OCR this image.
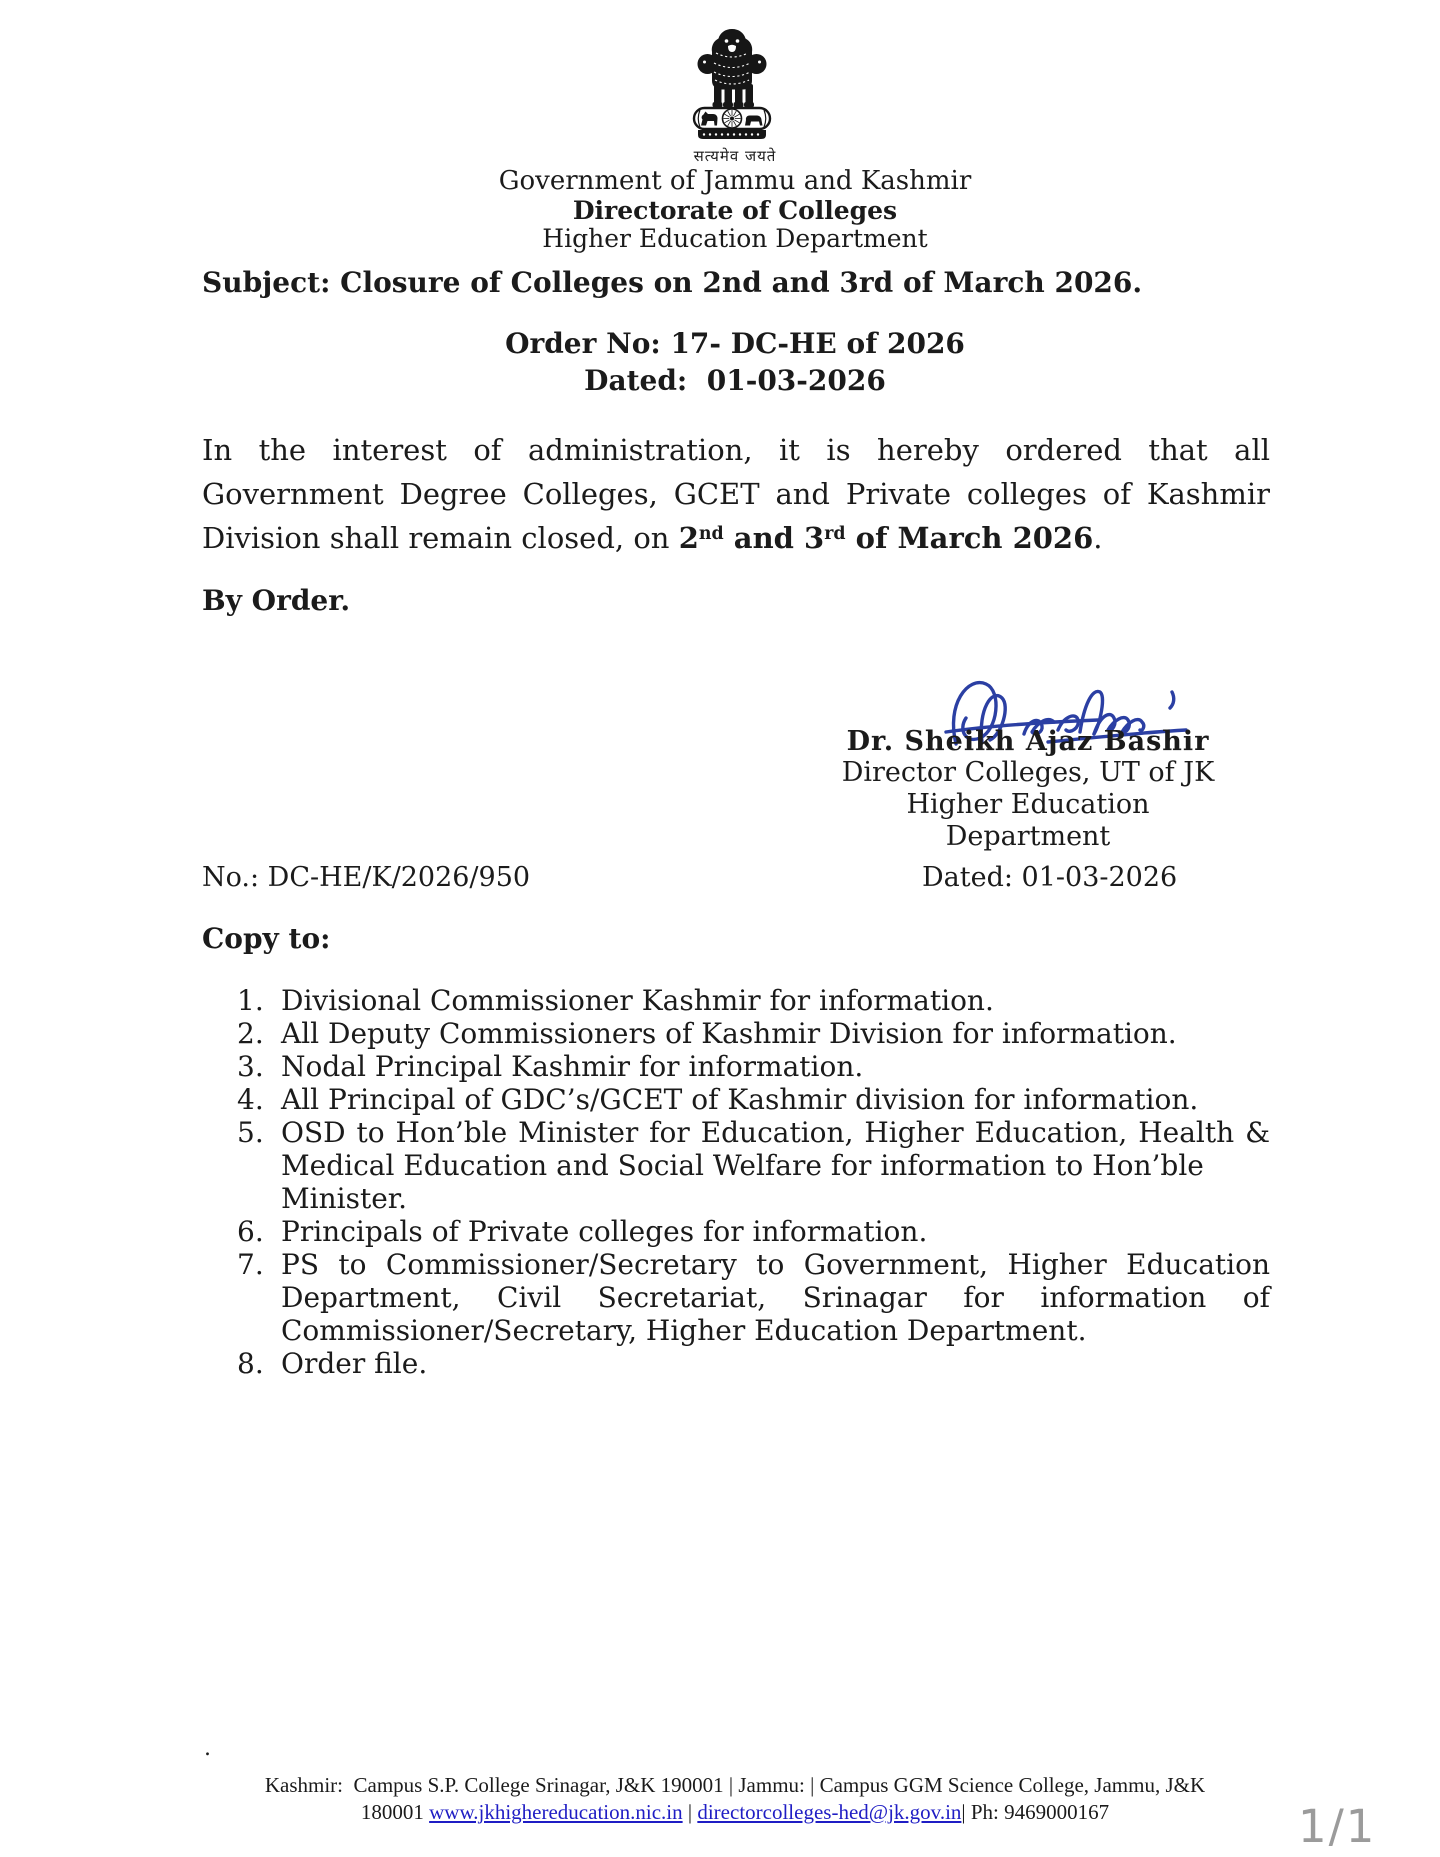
सत्यमेव जयते
Government of Jammu and Kashmir
Directorate of Colleges
Higher Education Department
Subject: Closure of Colleges on 2nd and 3rd of March 2026.
Order No: 17- DC-HE of 2026
Dated:  01-03-2026
In the interest of administration, it is hereby ordered that all
Government Degree Colleges, GCET and Private colleges of Kashmir
Division shall remain closed, on 2nd and 3rd of March 2026.
By Order.
Dr. Sheikh Ajaz Bashir
Director Colleges, UT of JK
Higher Education Department
No.: DC-HE/K/2026/950	Dated: 01-03-2026
Copy to:
1. Divisional Commissioner Kashmir for information.
2. All Deputy Commissioners of Kashmir Division for information.
3. Nodal Principal Kashmir for information.
4. All Principal of GDC’s/GCET of Kashmir division for information.
5. OSD to Hon’ble Minister for Education, Higher Education, Health &
Medical Education and Social Welfare for information to Hon’ble Minister.
6. Principals of Private colleges for information.
7. PS to Commissioner/Secretary to Government, Higher Education
Department, Civil Secretariat, Srinagar for information of
Commissioner/Secretary, Higher Education Department.
8. Order file.
.
Kashmir:  Campus S.P. College Srinagar, J&K 190001 | Jammu: | Campus GGM Science College, Jammu, J&K
180001 www.jkhighereducation.nic.in | directorcolleges-hed@jk.gov.in| Ph: 9469000167	1/1
